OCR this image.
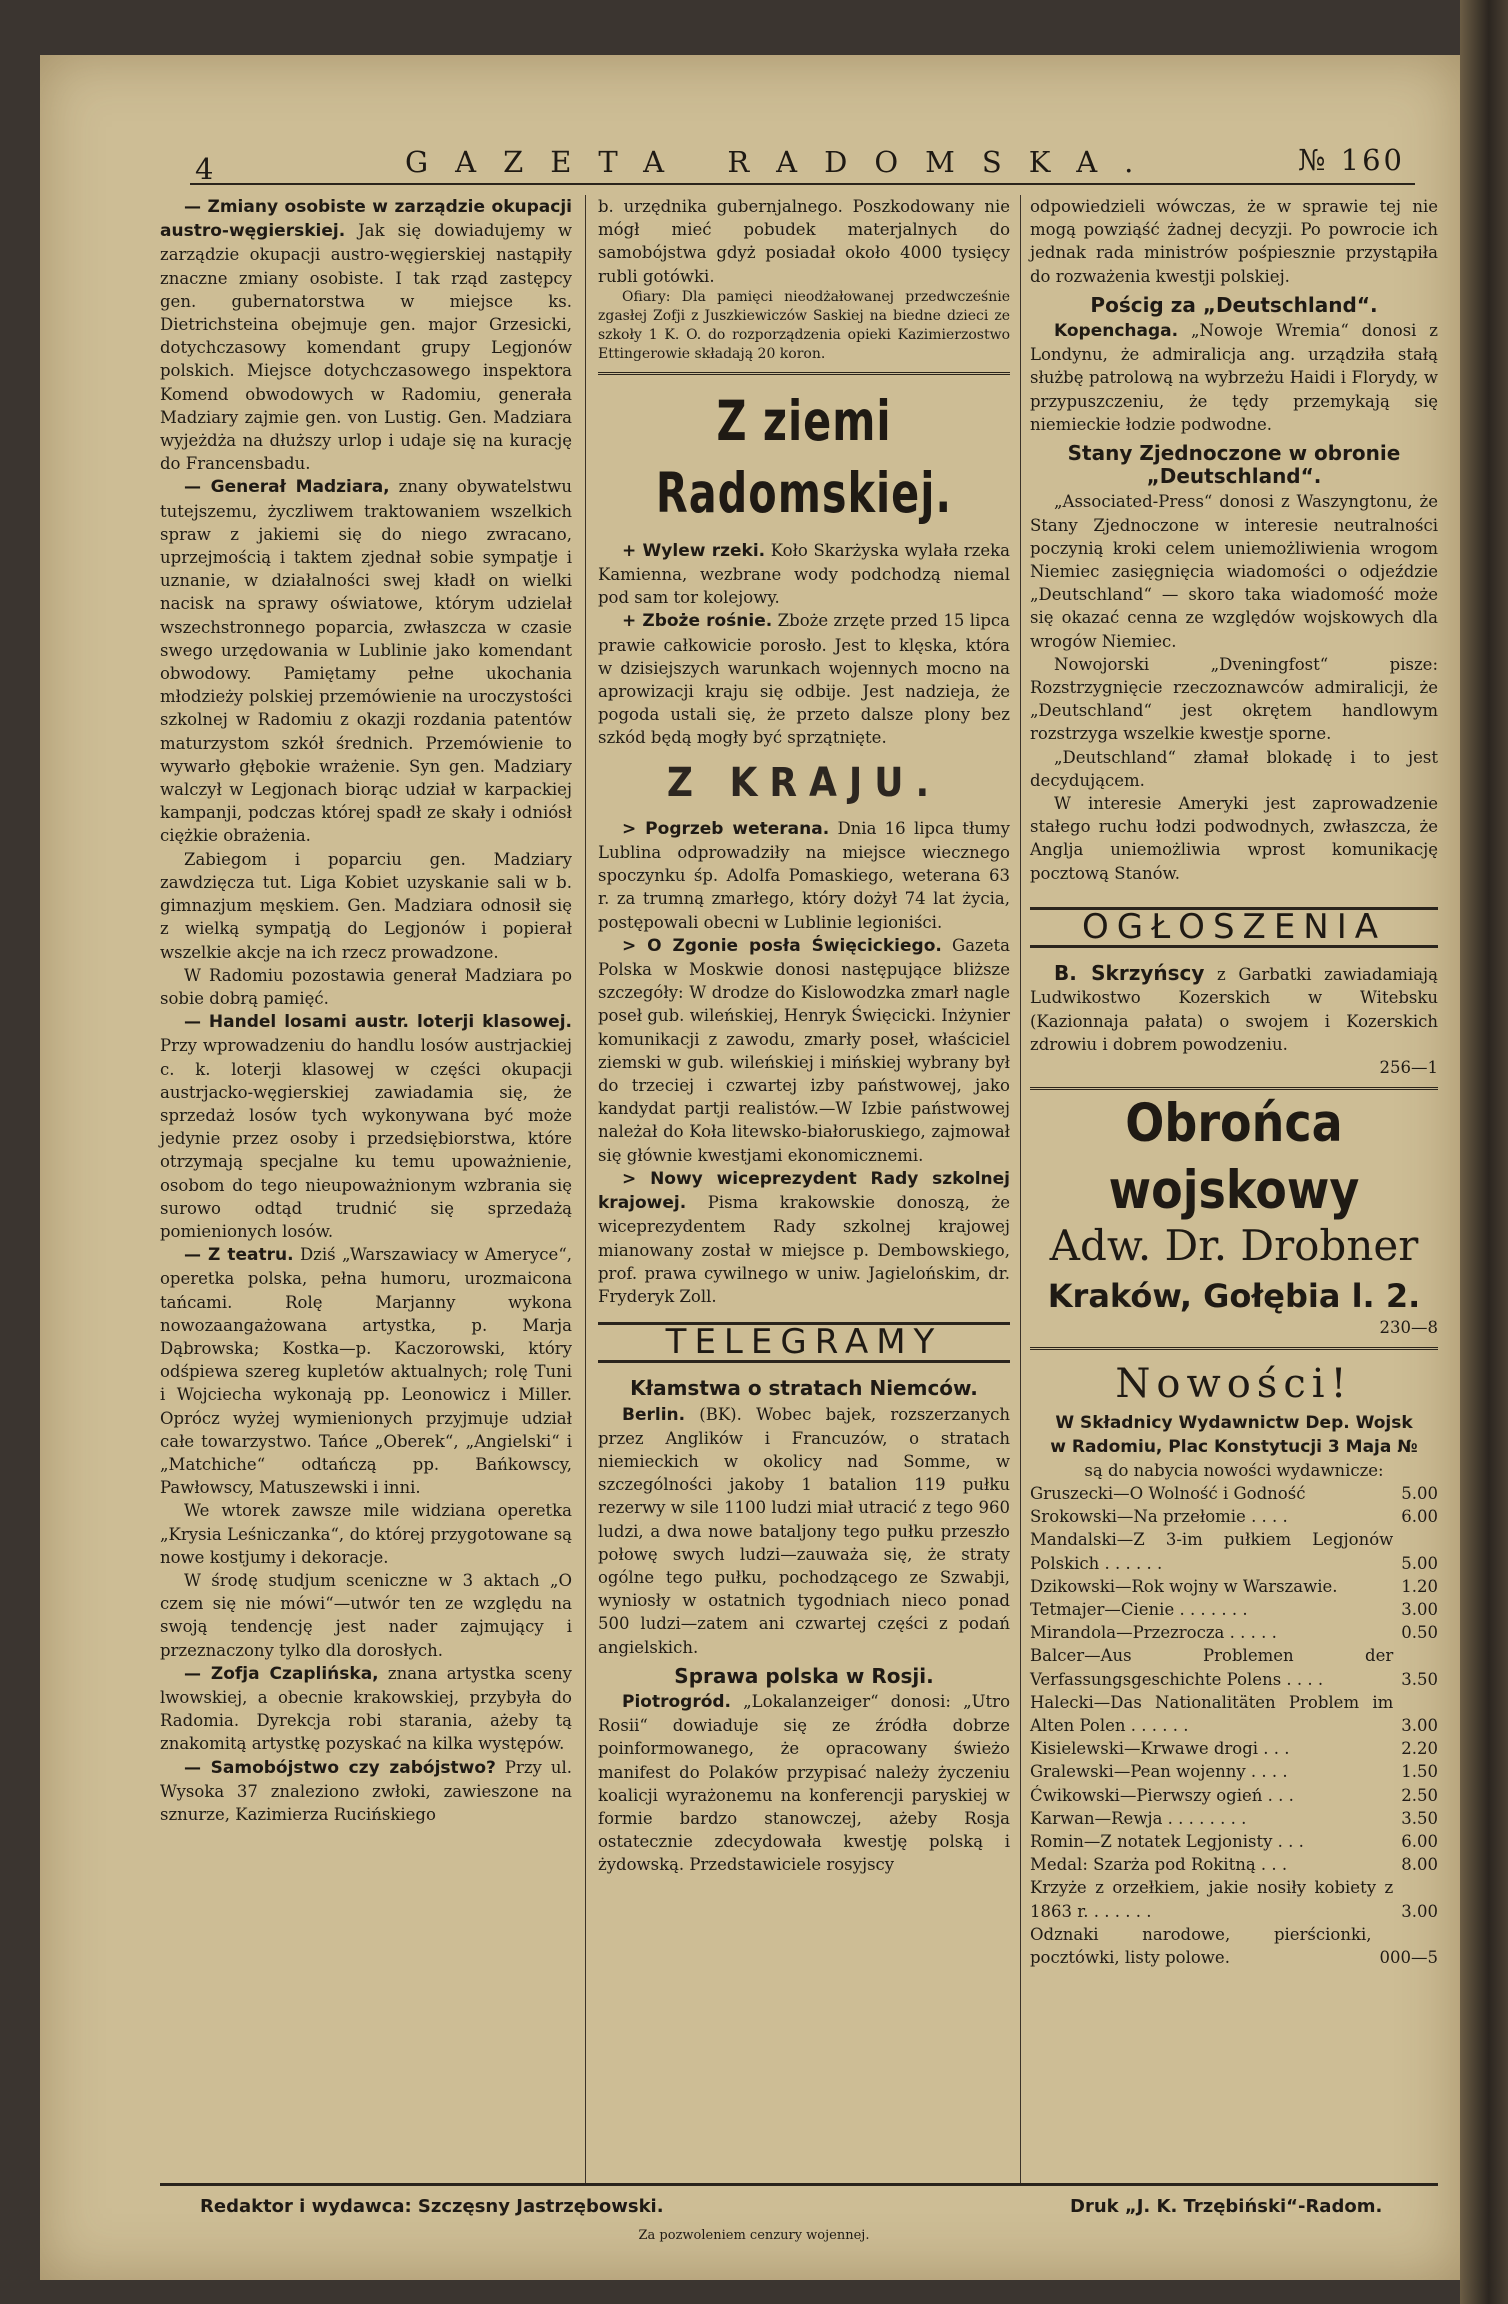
4	GAZETA RADOMSKA.	№ 160

— Zmiany osobiste w zarządzie okupacji austro-węgierskiej. Jak się dowiadujemy w zarządzie okupacji austro-węgierskiej nastąpiły znaczne zmiany osobiste. I tak rząd zastępcy gen. gubernatorstwa w miejsce ks. Dietrichsteina obejmuje gen. major Grzesicki, dotychczasowy komendant grupy Legjonów polskich. Miejsce dotychczasowego inspektora Komend obwodowych w Radomiu, generała Madziary zajmie gen. von Lustig. Gen. Madziara wyjeżdża na dłuższy urlop i udaje się na kurację do Francensbadu.

— Generał Madziara, znany obywatelstwu tutejszemu, życzliwem traktowaniem wszelkich spraw z jakiemi się do niego zwracano, uprzejmością i taktem zjednał sobie sympatje i uznanie, w działalności swej kładł on wielki nacisk na sprawy oświatowe, którym udzielał wszechstronnego poparcia, zwłaszcza w czasie swego urzędowania w Lublinie jako komendant obwodowy. Pamiętamy pełne ukochania młodzieży polskiej przemówienie na uroczystości szkolnej w Radomiu z okazji rozdania patentów maturzystom szkół średnich. Przemówienie to wywarło głębokie wrażenie. Syn gen. Madziary walczył w Legjonach biorąc udział w karpackiej kampanji, podczas której spadł ze skały i odniósł ciężkie obrażenia.

Zabiegom i poparciu gen. Madziary zawdzięcza tut. Liga Kobiet uzyskanie sali w b. gimnazjum męskiem. Gen. Madziara odnosił się z wielką sympatją do Legjonów i popierał wszelkie akcje na ich rzecz prowadzone.

W Radomiu pozostawia generał Madziara po sobie dobrą pamięć.

— Handel losami austr. loterji klasowej. Przy wprowadzeniu do handlu losów austrjackiej c. k. loterji klasowej w części okupacji austrjacko-węgierskiej zawiadamia się, że sprzedaż losów tych wykonywana być może jedynie przez osoby i przedsiębiorstwa, które otrzymają specjalne ku temu upoważnienie, osobom do tego nieupoważnionym wzbrania się surowo odtąd trudnić się sprzedażą pomienionych losów.

— Z teatru. Dziś „Warszawiacy w Ameryce“, operetka polska, pełna humoru, urozmaicona tańcami. Rolę Marjanny wykona nowozaangażowana artystka, p. Marja Dąbrowska; Kostka—p. Kaczorowski, który odśpiewa szereg kupletów aktualnych; rolę Tuni i Wojciecha wykonają pp. Leonowicz i Miller. Oprócz wyżej wymienionych przyjmuje udział całe towarzystwo. Tańce „Oberek“, „Angielski“ i „Matchiche“ odtańczą pp. Bańkowscy, Pawłowscy, Matuszewski i inni.

We wtorek zawsze mile widziana operetka „Krysia Leśniczanka“, do której przygotowane są nowe kostjumy i dekoracje.

W środę studjum sceniczne w 3 aktach „O czem się nie mówi“—utwór ten ze względu na swoją tendencję jest nader zajmujący i przeznaczony tylko dla dorosłych.

— Zofja Czaplińska, znana artystka sceny lwowskiej, a obecnie krakowskiej, przybyła do Radomia. Dyrekcja robi starania, ażeby tą znakomitą artystkę pozyskać na kilka występów.

— Samobójstwo czy zabójstwo? Przy ul. Wysoka 37 znaleziono zwłoki, zawieszone na sznurze, Kazimierza Rucińskiego

b. urzędnika gubernjalnego. Poszkodowany nie mógł mieć pobudek materjalnych do samobójstwa gdyż posiadał około 4000 tysięcy rubli gotówki.

Ofiary: Dla pamięci nieodżałowanej przedwcześnie zgasłej Zofji z Juszkiewiczów Saskiej na biedne dzieci ze szkoły 1 K. O. do rozporządzenia opieki Kazimierzostwo Ettingerowie składają 20 koron.

Z ziemi Radomskiej.

+ Wylew rzeki. Koło Skarżyska wylała rzeka Kamienna, wezbrane wody podchodzą niemal pod sam tor kolejowy.

+ Zboże rośnie. Zboże zrzęte przed 15 lipca prawie całkowicie porosło. Jest to klęska, która w dzisiejszych warunkach wojennych mocno na aprowizacji kraju się odbije. Jest nadzieja, że pogoda ustali się, że przeto dalsze plony bez szkód będą mogły być sprzątnięte.

Z KRAJU.

> Pogrzeb weterana. Dnia 16 lipca tłumy Lublina odprowadziły na miejsce wiecznego spoczynku śp. Adolfa Pomaskiego, weterana 63 r. za trumną zmarłego, który dożył 74 lat życia, postępowali obecni w Lublinie legioniści.

> O Zgonie posła Święcickiego. Gazeta Polska w Moskwie donosi następujące bliższe szczegóły: W drodze do Kislowodzka zmarł nagle poseł gub. wileńskiej, Henryk Święcicki. Inżynier komunikacji z zawodu, zmarły poseł, właściciel ziemski w gub. wileńskiej i mińskiej wybrany był do trzeciej i czwartej izby państwowej, jako kandydat partji realistów.—W Izbie państwowej należał do Koła litewsko-białoruskiego, zajmował się głównie kwestjami ekonomicznemi.

> Nowy wiceprezydent Rady szkolnej krajowej. Pisma krakowskie donoszą, że wiceprezydentem Rady szkolnej krajowej mianowany został w miejsce p. Dembowskiego, prof. prawa cywilnego w uniw. Jagielońskim, dr. Fryderyk Zoll.

TELEGRAMY
Kłamstwa o stratach Niemców.

Berlin. (BK). Wobec bajek, rozszerzanych przez Anglików i Francuzów, o stratach niemieckich w okolicy nad Somme, w szczególności jakoby 1 batalion 119 pułku rezerwy w sile 1100 ludzi miał utracić z tego 960 ludzi, a dwa nowe bataljony tego pułku przeszło połowę swych ludzi—zauważa się, że straty ogólne tego pułku, pochodzącego ze Szwabji, wyniosły w ostatnich tygodniach nieco ponad 500 ludzi—zatem ani czwartej części z podań angielskich.

Sprawa polska w Rosji.

Piotrogród. „Lokalanzeiger“ donosi: „Utro Rosii“ dowiaduje się ze źródła dobrze poinformowanego, że opracowany świeżo manifest do Polaków przypisać należy życzeniu koalicji wyrażonemu na konferencji paryskiej w formie bardzo stanowczej, ażeby Rosja ostatecznie zdecydowała kwestję polską i żydowską. Przedstawiciele rosyjscy

odpowiedzieli wówczas, że w sprawie tej nie mogą powziąść żadnej decyzji. Po powrocie ich jednak rada ministrów pośpiesznie przystąpiła do rozważenia kwestji polskiej.

Pościg za „Deutschland“.

Kopenchaga. „Nowoje Wremia“ donosi z Londynu, że admiralicja ang. urządziła stałą służbę patrolową na wybrzeżu Haidi i Florydy, w przypuszczeniu, że tędy przemykają się niemieckie łodzie podwodne.

Stany Zjednoczone w obronie „Deutschland“.

„Associated-Press“ donosi z Waszyngtonu, że Stany Zjednoczone w interesie neutralności poczynią kroki celem uniemożliwienia wrogom Niemiec zasięgnięcia wiadomości o odjeździe „Deutschland“ — skoro taka wiadomość może się okazać cenna ze względów wojskowych dla wrogów Niemiec.

Nowojorski „Dveningfost“ pisze: Rozstrzygnięcie rzeczoznawców admiralicji, że „Deutschland“ jest okrętem handlowym rozstrzyga wszelkie kwestje sporne.

„Deutschland“ złamał blokadę i to jest decydującem.

W interesie Ameryki jest zaprowadzenie stałego ruchu łodzi podwodnych, zwłaszcza, że Anglja uniemożliwia wprost komunikację pocztową Stanów.

OGŁOSZENIA

B. Skrzyńscy z Garbatki zawiadamiają Ludwikostwo Kozerskich w Witebsku (Kazionnaja pałata) o swojem i Kozerskich zdrowiu i dobrem powodzeniu.

256—1
Obrońca wojskowy
Adw. Dr. Drobner
Kraków, Gołębia l. 2.
230—8
Nowości!
W Składnicy Wydawnictw Dep. Wojsk
w Radomiu, Plac Konstytucji 3 Maja №
są do nabycia nowości wydawnicze:
Gruszecki—O Wolność i Godność	5.00
Srokowski—Na przełomie . . . .	6.00
Mandalski—Z 3-im pułkiem Legjonów Polskich . . . . . .	5.00
Dzikowski—Rok wojny w Warszawie.	1.20
Tetmajer—Cienie . . . . . . .	3.00
Mirandola—Przezrocza . . . . .	0.50
Balcer—Aus Problemen der Verfassungsgeschichte Polens . . . .	3.50
Halecki—Das Nationalitäten Problem im Alten Polen . . . . . .	3.00
Kisielewski—Krwawe drogi . . .	2.20
Gralewski—Pean wojenny . . . .	1.50
Ćwikowski—Pierwszy ogień . . .	2.50
Karwan—Rewja . . . . . . . .	3.50
Romin—Z notatek Legjonisty . . .	6.00
Medal: Szarża pod Rokitną . . .	8.00
Krzyże z orzełkiem, jakie nosiły kobiety z 1863 r. . . . . . .	3.00
Odznaki narodowe, pierścionki, pocztówki, listy polowe.	000—5
Redaktor i wydawca: Szczęsny Jastrzębowski.	Druk „J. K. Trzębiński“-Radom.
Za pozwoleniem cenzury wojennej.
